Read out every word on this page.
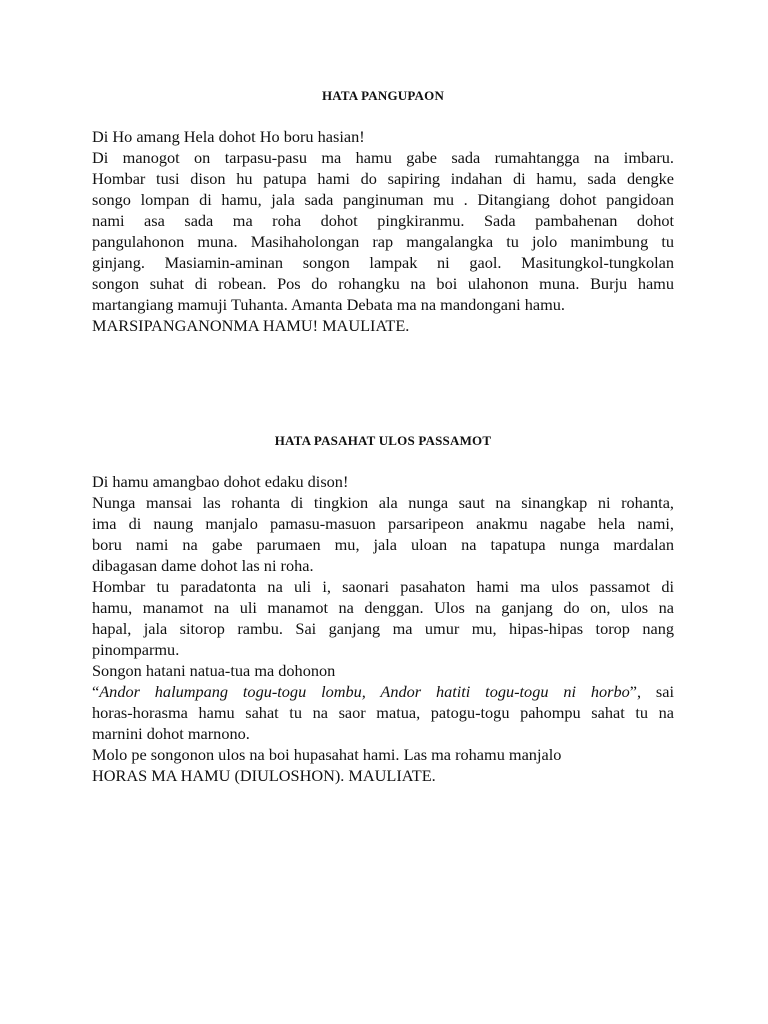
HATA PANGUPAON
Di Ho amang Hela dohot Ho boru hasian!
Di manogot on tarpasu-pasu ma hamu gabe sada rumahtangga na imbaru.
Hombar tusi dison hu patupa hami do sapiring indahan di hamu, sada dengke
songo lompan di hamu, jala sada panginuman mu . Ditangiang dohot pangidoan
nami asa sada ma roha dohot pingkiranmu. Sada pambahenan dohot
pangulahonon muna. Masihaholongan rap mangalangka tu jolo manimbung tu
ginjang. Masiamin-aminan songon lampak ni gaol. Masitungkol-tungkolan
songon suhat di robean. Pos do rohangku na boi ulahonon muna. Burju hamu
martangiang mamuji Tuhanta. Amanta Debata ma na mandongani hamu.
MARSIPANGANONMA HAMU! MAULIATE.
HATA PASAHAT ULOS PASSAMOT
Di hamu amangbao dohot edaku dison!
Nunga mansai las rohanta di tingkion ala nunga saut na sinangkap ni rohanta,
ima di naung manjalo pamasu-masuon parsaripeon anakmu nagabe hela nami,
boru nami na gabe parumaen mu, jala uloan na tapatupa nunga mardalan
dibagasan dame dohot las ni roha.
Hombar tu paradatonta na uli i, saonari pasahaton hami ma ulos passamot di
hamu, manamot na uli manamot na denggan. Ulos na ganjang do on, ulos na
hapal, jala sitorop rambu. Sai ganjang ma umur mu, hipas-hipas torop nang
pinomparmu.
Songon hatani natua-tua ma dohonon
“Andor halumpang togu-togu lombu, Andor hatiti togu-togu ni horbo”, sai
horas-horasma hamu sahat tu na saor matua, patogu-togu pahompu sahat tu na
marnini dohot marnono.
Molo pe songonon ulos na boi hupasahat hami. Las ma rohamu manjalo
HORAS MA HAMU (DIULOSHON). MAULIATE.
